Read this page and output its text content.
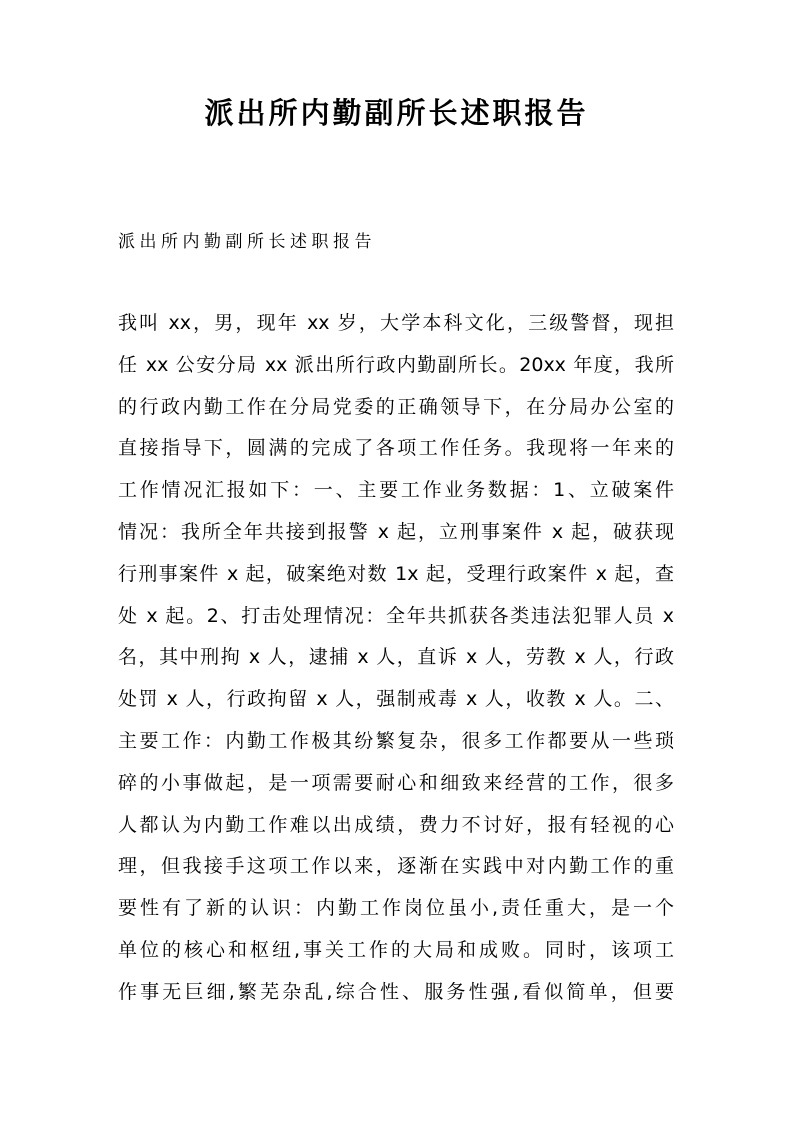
派出所内勤副所长述职报告
派出所内勤副所长述职报告
我叫 xx，男，现年 xx 岁，大学本科文化，三级警督，现担
任 xx 公安分局 xx 派出所行政内勤副所长。20xx 年度，我所
的行政内勤工作在分局党委的正确领导下，在分局办公室的
直接指导下，圆满的完成了各项工作任务。我现将一年来的
工作情况汇报如下：一、主要工作业务数据：1、立破案件
情况：我所全年共接到报警 x 起，立刑事案件 x 起，破获现
行刑事案件 x 起，破案绝对数 1x 起，受理行政案件 x 起，查
处 x 起。2、打击处理情况：全年共抓获各类违法犯罪人员 x
名，其中刑拘 x 人，逮捕 x 人，直诉 x 人，劳教 x 人，行政
处罚 x 人，行政拘留 x 人，强制戒毒 x 人，收教 x 人。二、
主要工作：内勤工作极其纷繁复杂，很多工作都要从一些琐
碎的小事做起，是一项需要耐心和细致来经营的工作，很多
人都认为内勤工作难以出成绩，费力不讨好，报有轻视的心
理，但我接手这项工作以来，逐渐在实践中对内勤工作的重
要性有了新的认识：内勤工作岗位虽小,责任重大，是一个
单位的核心和枢纽,事关工作的大局和成败。同时，该项工
作事无巨细,繁芜杂乱,综合性、服务性强,看似简单，但要
